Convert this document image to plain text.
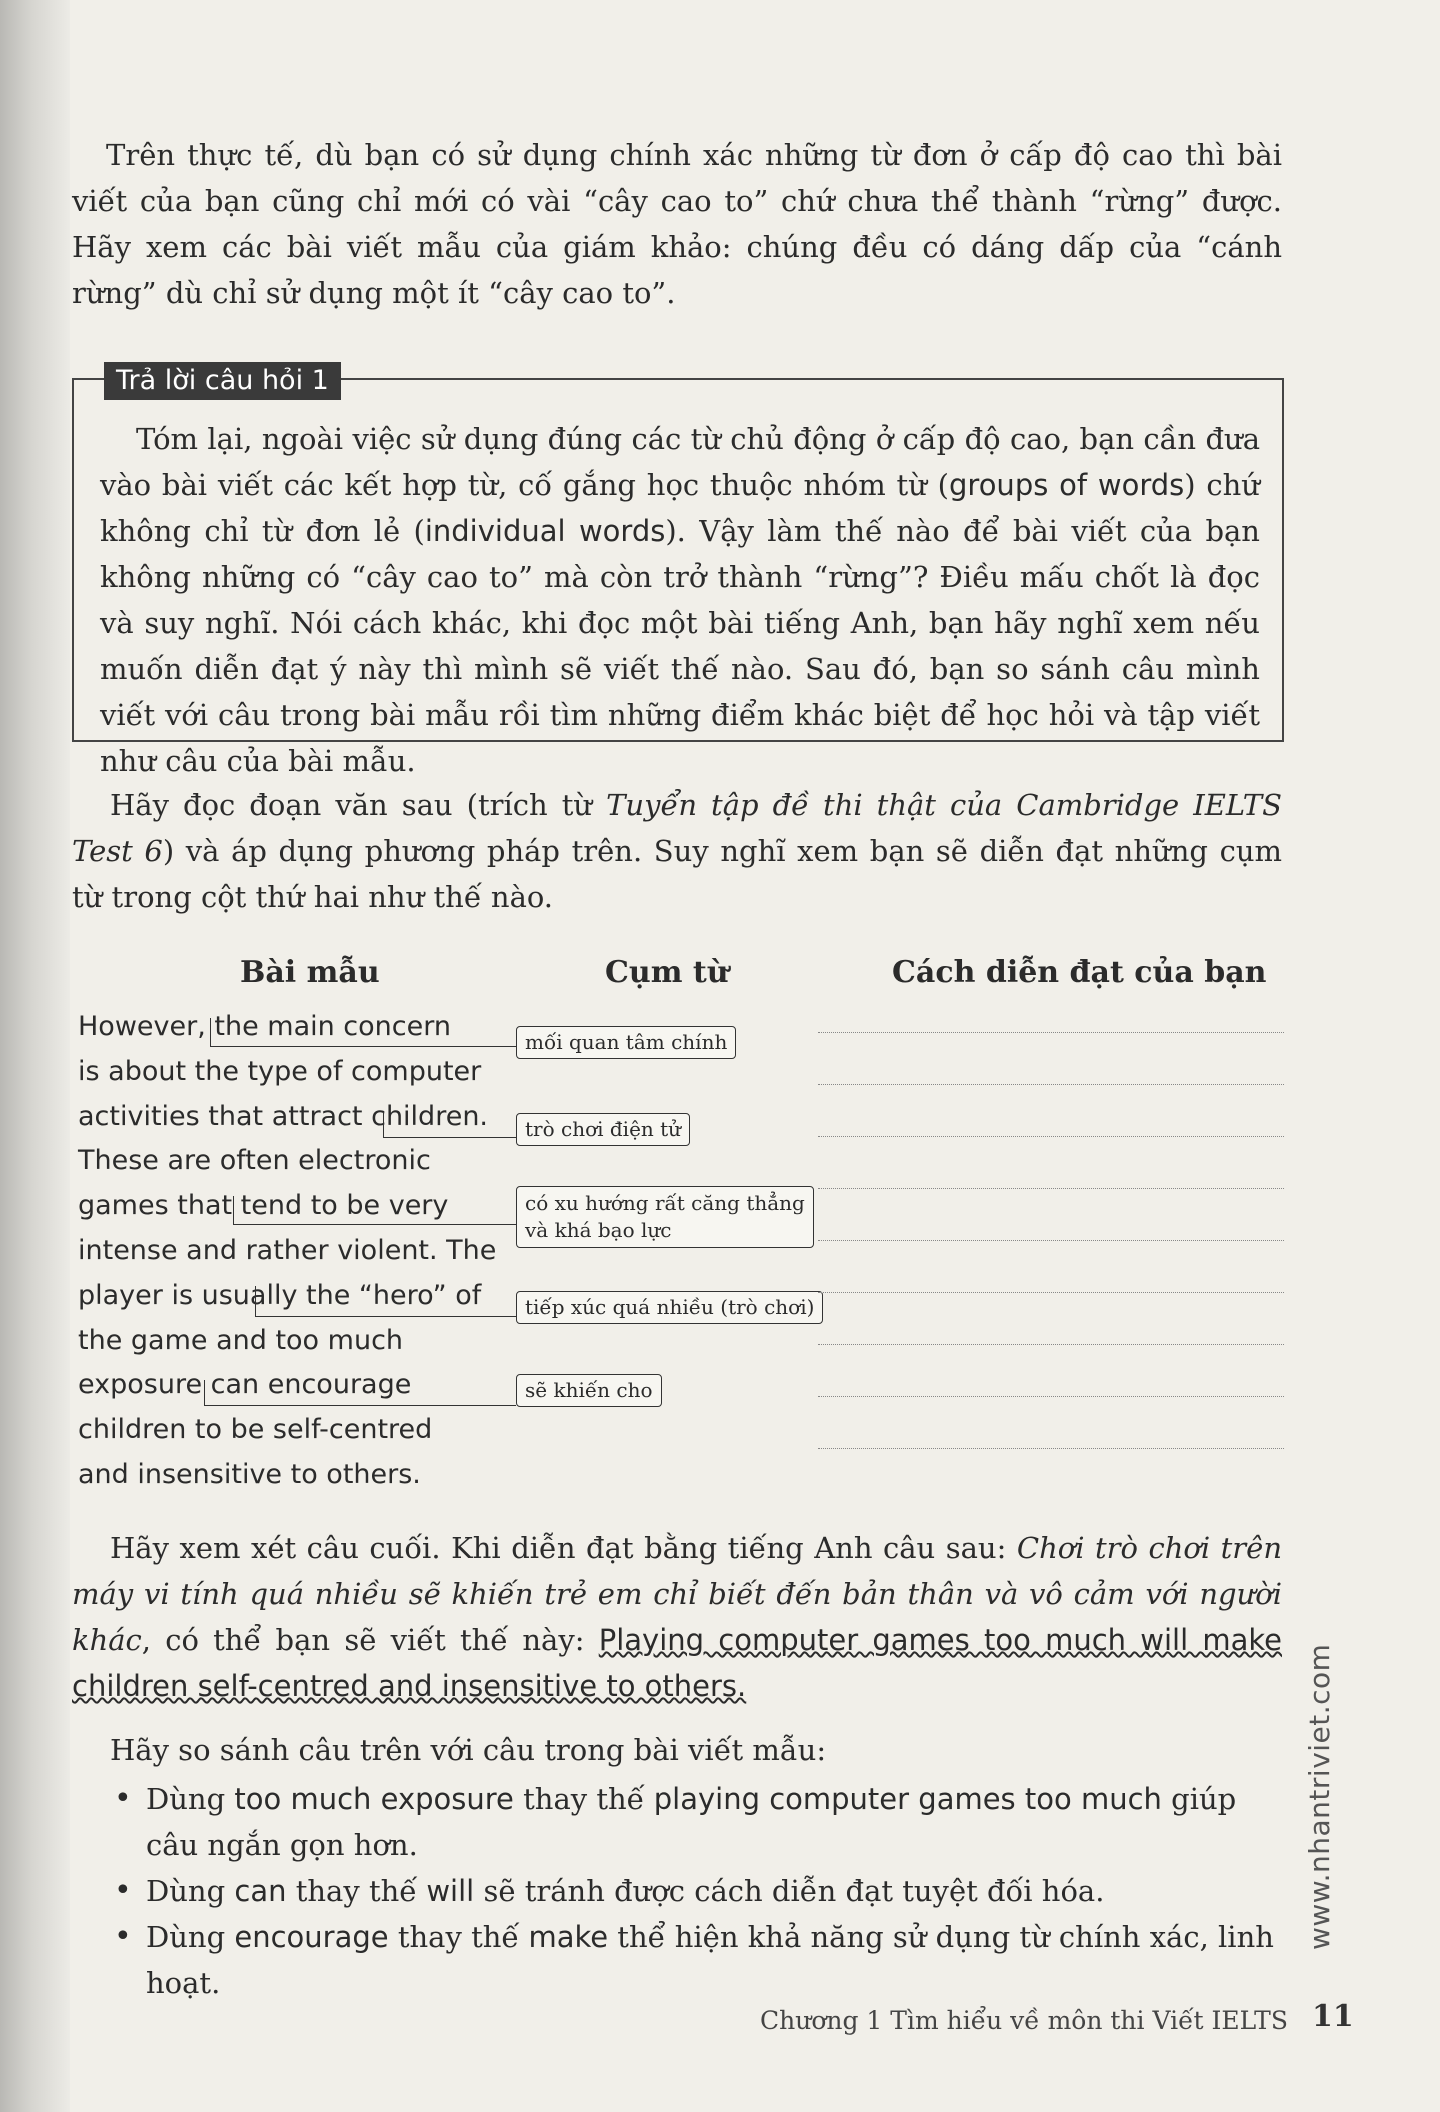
Trên thực tế, dù bạn có sử dụng chính xác những từ đơn ở cấp độ cao thì bài viết của bạn cũng chỉ mới có vài “cây cao to” chứ chưa thể thành “rừng” được. Hãy xem các bài viết mẫu của giám khảo: chúng đều có dáng dấp của “cánh rừng” dù chỉ sử dụng một ít “cây cao to”.

Trả lời câu hỏi 1

Tóm lại, ngoài việc sử dụng đúng các từ chủ động ở cấp độ cao, bạn cần đưa vào bài viết các kết hợp từ, cố gắng học thuộc nhóm từ (groups of words) chứ không chỉ từ đơn lẻ (individual words). Vậy làm thế nào để bài viết của bạn không những có “cây cao to” mà còn trở thành “rừng”? Điều mấu chốt là đọc và suy nghĩ. Nói cách khác, khi đọc một bài tiếng Anh, bạn hãy nghĩ xem nếu muốn diễn đạt ý này thì mình sẽ viết thế nào. Sau đó, bạn so sánh câu mình viết với câu trong bài mẫu rồi tìm những điểm khác biệt để học hỏi và tập viết như câu của bài mẫu.

Hãy đọc đoạn văn sau (trích từ Tuyển tập đề thi thật của Cambridge IELTS Test 6) và áp dụng phương pháp trên. Suy nghĩ xem bạn sẽ diễn đạt những cụm từ trong cột thứ hai như thế nào.

Bài mẫu	Cụm từ	Cách diễn đạt của bạn
However, the main concern
is about the type of computer
activities that attract children.
These are often electronic
games that tend to be very
intense and rather violent. The
player is usually the “hero” of
the game and too much
exposure can encourage
children to be self-centred
and insensitive to others.
mối quan tâm chính
trò chơi điện tử
có xu hướng rất căng thẳng
và khá bạo lực
tiếp xúc quá nhiều (trò chơi)
sẽ khiến cho

Hãy xem xét câu cuối. Khi diễn đạt bằng tiếng Anh câu sau: Chơi trò chơi trên máy vi tính quá nhiều sẽ khiến trẻ em chỉ biết đến bản thân và vô cảm với người khác, có thể bạn sẽ viết thế này: Playing computer games too much will make children self-centred and insensitive to others.

Hãy so sánh câu trên với câu trong bài viết mẫu:

• Dùng too much exposure thay thế playing computer games too much giúp câu ngắn gọn hơn.
• Dùng can thay thế will sẽ tránh được cách diễn đạt tuyệt đối hóa.
• Dùng encourage thay thế make thể hiện khả năng sử dụng từ chính xác, linh hoạt.
www.nhantriviet.com
Chương 1 Tìm hiểu về môn thi Viết IELTS 11
